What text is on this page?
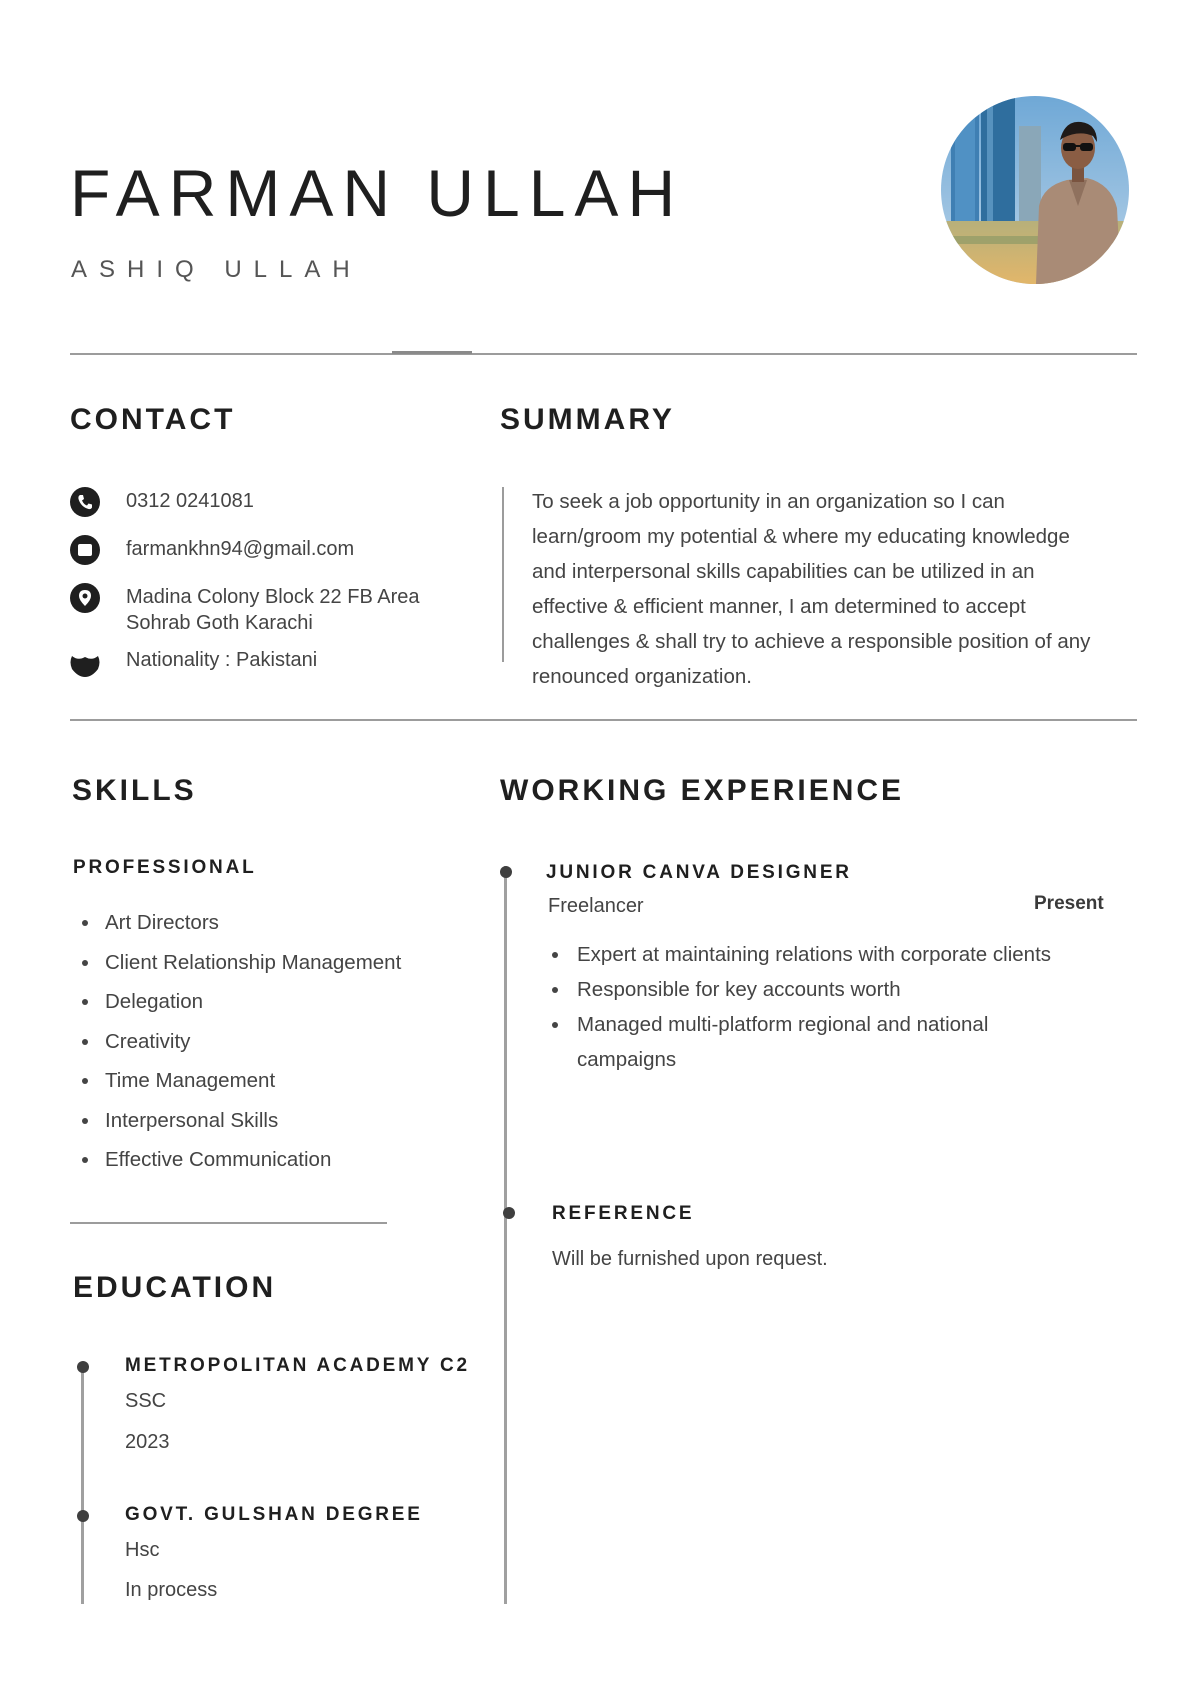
FARMAN ULLAH
ASHIQ ULLAH
CONTACT
0312 0241081
farmankhn94@gmail.com
Madina Colony Block 22 FB Area
Sohrab Goth Karachi
Nationality : Pakistani
SUMMARY

To seek a job opportunity in an organization so I can

learn/groom my potential & where my educating knowledge

and interpersonal skills capabilities can be utilized in an

effective & efficient manner, I am determined to accept

challenges & shall try to achieve a responsible position of any

renounced organization.

SKILLS
PROFESSIONAL
Art Directors
Client Relationship Management
Delegation
Creativity
Time Management
Interpersonal Skills
Effective Communication
EDUCATION
METROPOLITAN ACADEMY C2
SSC
2023
GOVT. GULSHAN DEGREE
Hsc
In process
WORKING EXPERIENCE
JUNIOR CANVA DESIGNER
Freelancer	Present
Expert at maintaining relations with corporate clients
Responsible for key accounts worth
Managed multi-platform regional and national campaigns
REFERENCE
Will be furnished upon request.
